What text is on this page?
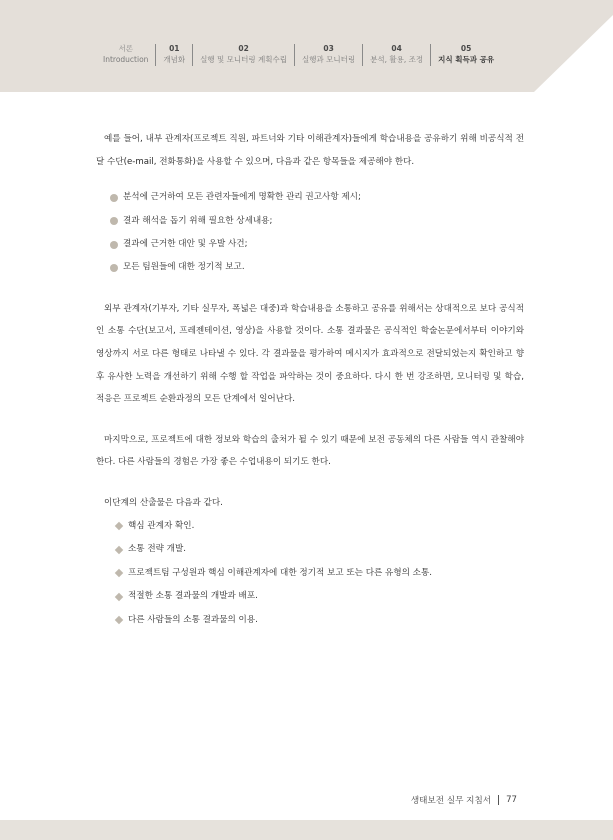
서론
Introduction
01
개념화
02
실행 및 모니터링 계획수립
03
실행과 모니터링
04
분석, 활용, 조정
05
지식 획득과 공유

예를 들어, 내부 관계자(프로젝트 직원, 파트너와 기타 이해관계자)들에게 학습내용을 공유하기 위해 비공식적 전달 수단(e-mail, 전화통화)을 사용할 수 있으며, 다음과 같은 항목들을 제공해야 한다.

분석에 근거하여 모든 관련자들에게 명확한 관리 권고사항 제시;
결과 해석을 돕기 위해 필요한 상세내용;
결과에 근거한 대안 및 우발 사건;
모든 팀원들에 대한 정기적 보고.

외부 관계자(기부자, 기타 실무자, 폭넓은 대중)과 학습내용을 소통하고 공유를 위해서는 상대적으로 보다 공식적인 소통 수단(보고서, 프레젠테이션, 영상)을 사용할 것이다. 소통 결과물은 공식적인 학술논문에서부터 이야기와 영상까지 서로 다른 형태로 나타낼 수 있다. 각 결과물을 평가하여 메시지가 효과적으로 전달되었는지 확인하고 향후 유사한 노력을 개선하기 위해 수행 할 작업을 파악하는 것이 중요하다. 다시 한 번 강조하면, 모니터링 및 학습, 적응은 프로젝트 순환과정의 모든 단계에서 일어난다.

마지막으로, 프로젝트에 대한 정보와 학습의 출처가 될 수 있기 때문에 보전 공동체의 다른 사람들 역시 관찰해야 한다. 다른 사람들의 경험은 가장 좋은 수업내용이 되기도 한다.

이단계의 산출물은 다음과 같다.

핵심 관계자 확인.
소통 전략 개발.
프로젝트팀 구성원과 핵심 이해관계자에 대한 정기적 보고 또는 다른 유형의 소통.
적절한 소통 결과물의 개발과 배포.
다른 사람들의 소통 결과물의 이용.
생태보전 실무 지침서 77
